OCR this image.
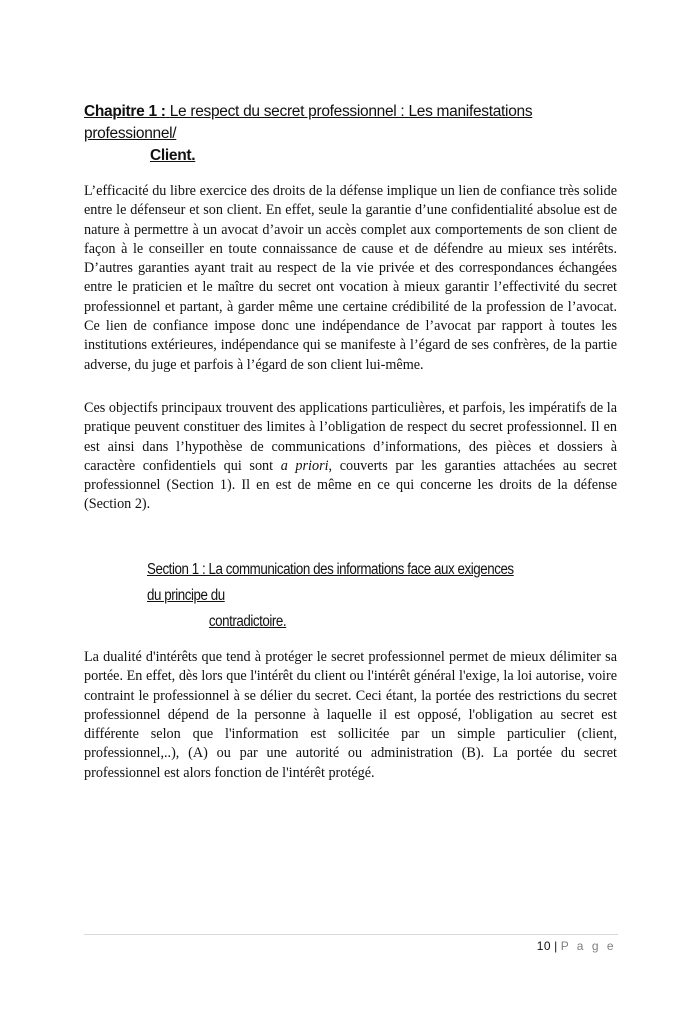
Chapitre 1 : Le respect du secret professionnel : Les manifestations professionnel/
Client.

L’efficacité du libre exercice des droits de la défense implique un lien de confiance très solide entre le défenseur et son client. En effet, seule la garantie d’une confidentialité absolue est de nature à permettre à un avocat d’avoir un accès complet aux comportements de son client de façon à le conseiller en toute connaissance de cause et de défendre au mieux ses intérêts. D’autres garanties ayant trait au respect de la vie privée et des correspondances échangées entre le praticien et le maître du secret ont vocation à mieux garantir l’effectivité du secret professionnel et partant, à garder même une certaine crédibilité de la profession de l’avocat. Ce lien de confiance impose donc une indépendance de l’avocat par rapport à toutes les institutions extérieures, indépendance qui se manifeste à l’égard de ses confrères, de la partie adverse, du juge et parfois à l’égard de son client lui-même.

Ces objectifs principaux trouvent des applications particulières, et parfois, les impératifs de la pratique peuvent constituer des limites à l’obligation de respect du secret professionnel. Il en est ainsi dans l’hypothèse de communications d’informations, des pièces et dossiers à caractère confidentiels qui sont a priori, couverts par les garanties attachées au secret professionnel (Section 1). Il en est de même en ce qui concerne les droits de la défense (Section 2).

Section 1 : La communication des informations face aux exigences du principe du
contradictoire.

La dualité d'intérêts que tend à protéger le secret professionnel permet de mieux délimiter sa portée. En effet, dès lors que l'intérêt du client ou l'intérêt général l'exige, la loi autorise, voire contraint le professionnel à se délier du secret. Ceci étant, la portée des restrictions du secret professionnel dépend de la personne à laquelle il est opposé, l'obligation au secret est différente selon que l'information est sollicitée par un simple particulier (client, professionnel,..), (A) ou par une autorité ou administration (B). La portée du secret professionnel est alors fonction de l'intérêt protégé.

10 | P a g e
